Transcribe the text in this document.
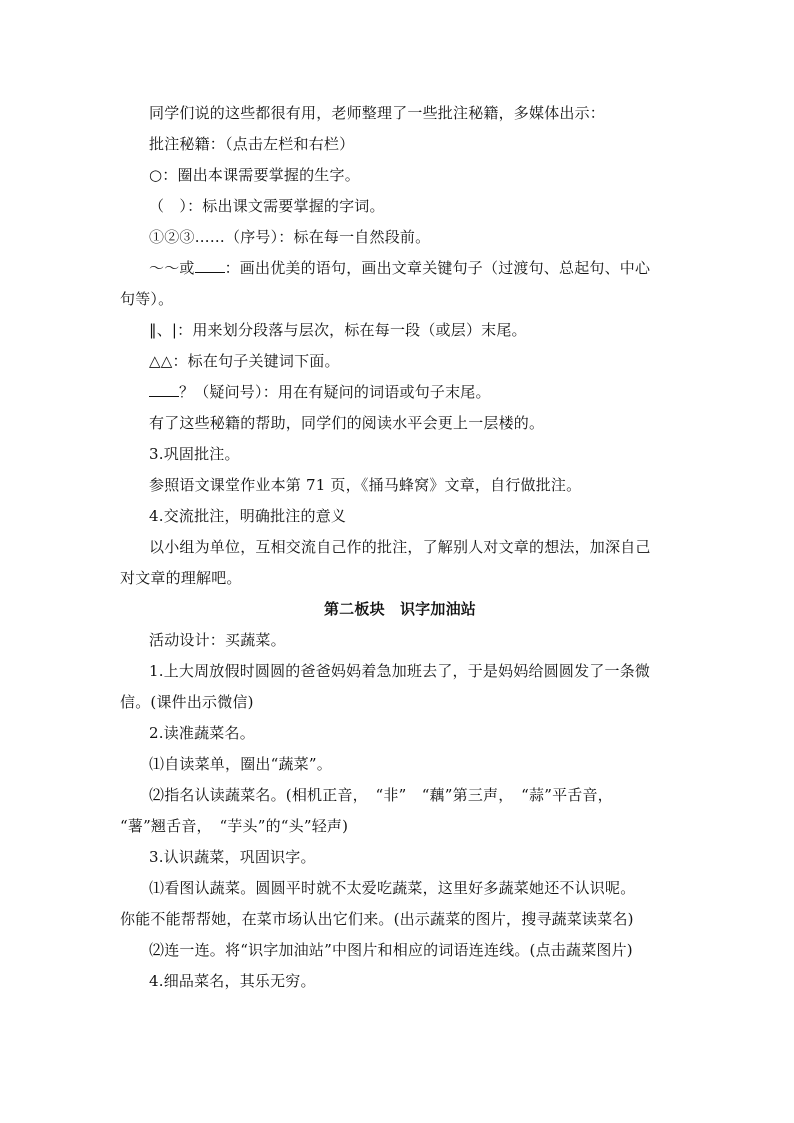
同学们说的这些都很有用，老师整理了一些批注秘籍，多媒体出示：
批注秘籍：（点击左栏和右栏）
○：圈出本课需要掌握的生字。
（　）：标出课文需要掌握的字词。
①②③……（序号）：标在每一自然段前。
～～或 ：画出优美的语句，画出文章关键句子（过渡句、总起句、中心
句等）。
‖、|：用来划分段落与层次，标在每一段（或层）末尾。
△△：标在句子关键词下面。
？（疑问号）：用在有疑问的词语或句子末尾。
有了这些秘籍的帮助，同学们的阅读水平会更上一层楼的。
3.巩固批注。
参照语文课堂作业本第 71 页，《捅马蜂窝》文章，自行做批注。
4.交流批注，明确批注的意义
以小组为单位，互相交流自己作的批注，了解别人对文章的想法，加深自己
对文章的理解吧。
第二板块　识字加油站
活动设计：买蔬菜。
1.上大周放假时圆圆的爸爸妈妈着急加班去了，于是妈妈给圆圆发了一条微
信。(课件出示微信)
2.读准蔬菜名。
⑴自读菜单，圈出“蔬菜”。
⑵指名认读蔬菜名。(相机正音，　“非”　“藕”第三声，　“蒜”平舌音，
“薯”翘舌音，　“芋头”的“头”轻声)
3.认识蔬菜，巩固识字。
⑴看图认蔬菜。圆圆平时就不太爱吃蔬菜，这里好多蔬菜她还不认识呢。
你能不能帮帮她，在菜市场认出它们来。(出示蔬菜的图片，搜寻蔬菜读菜名)
⑵连一连。将“识字加油站”中图片和相应的词语连连线。(点击蔬菜图片)
4.细品菜名，其乐无穷。
